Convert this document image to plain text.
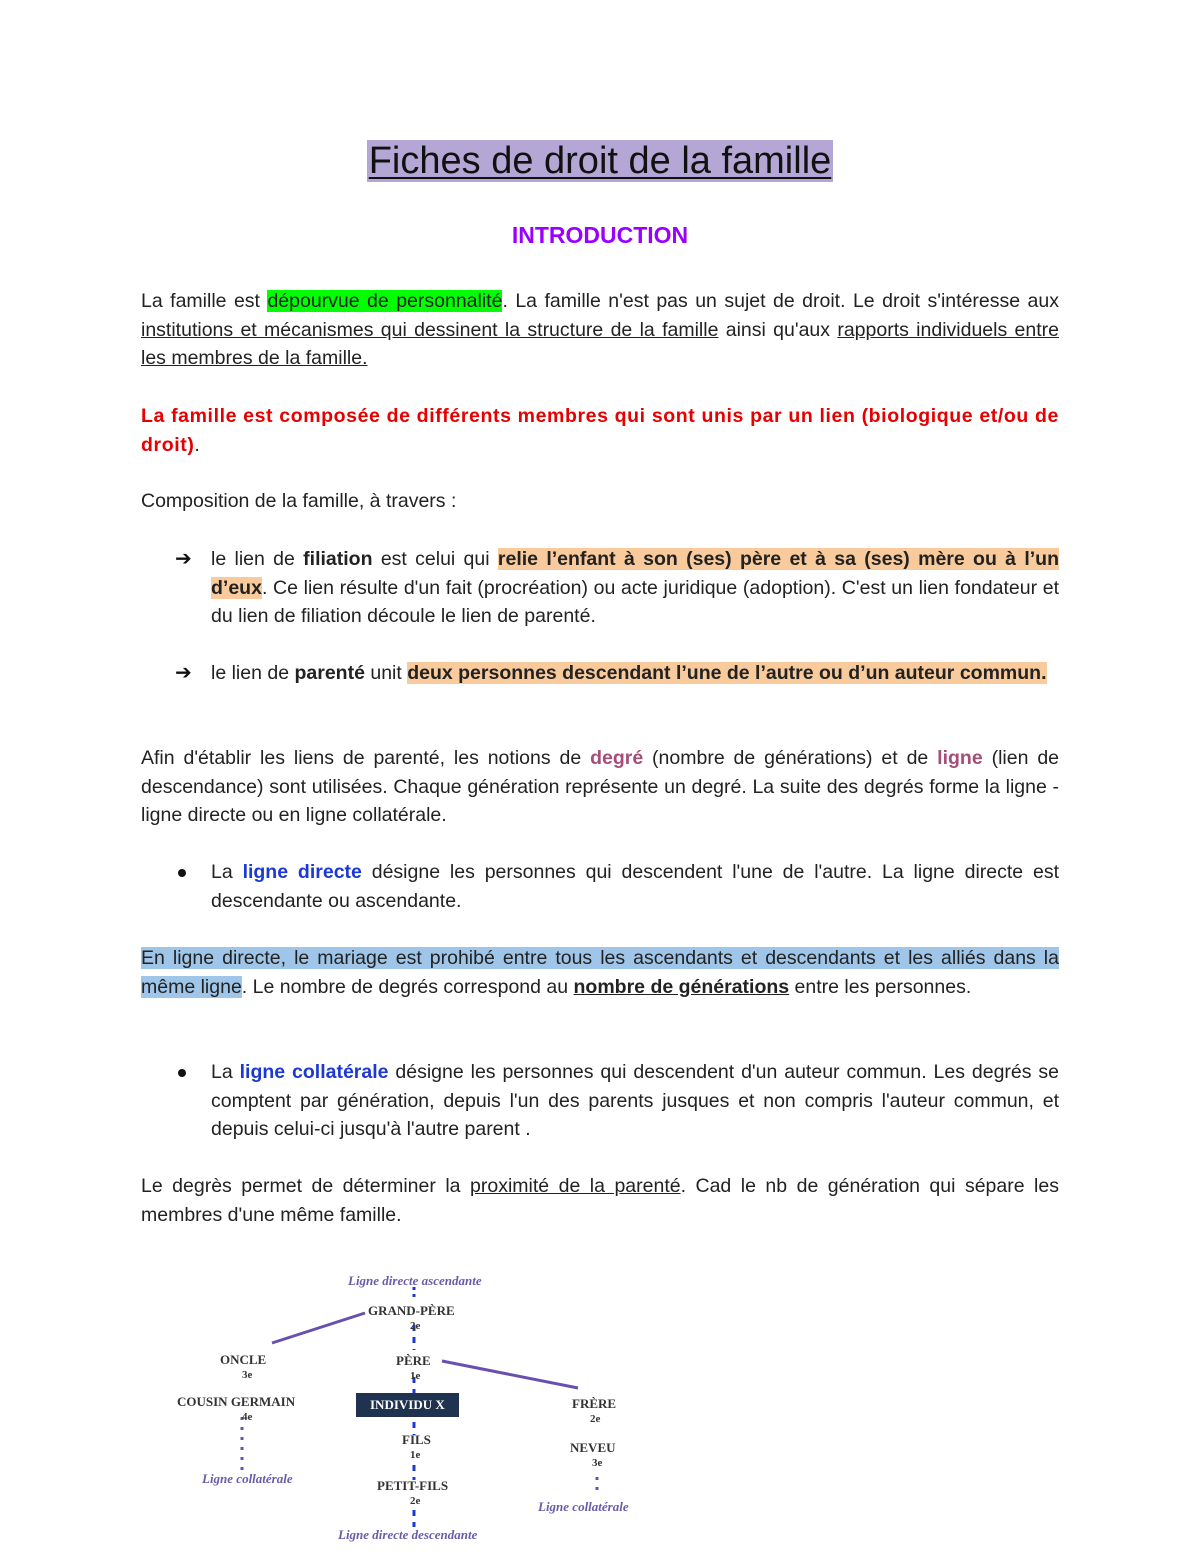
Fiches de droit de la famille
INTRODUCTION

La famille est dépourvue de personnalité. La famille n'est pas un sujet de droit. Le droit s'intéresse aux institutions et mécanismes qui dessinent la structure de la famille ainsi qu'aux rapports individuels entre les membres de la famille.

La famille est composée de différents membres qui sont unis par un lien (biologique et/ou de droit).

Composition de la famille, à travers :

➔ le lien de filiation est celui qui relie l’enfant à son (ses) père et à sa (ses) mère ou à l’un d’eux. Ce lien résulte d'un fait (procréation) ou acte juridique (adoption). C'est un lien fondateur et du lien de filiation découle le lien de parenté.

➔ le lien de parenté unit deux personnes descendant l’une de l’autre ou d’un auteur commun.

Afin d'établir les liens de parenté, les notions de degré (nombre de générations) et de ligne (lien de descendance) sont utilisées. Chaque génération représente un degré. La suite des degrés forme la ligne - ligne directe ou en ligne collatérale.

La ligne directe désigne les personnes qui descendent l'une de l'autre. La ligne directe est descendante ou ascendante.

En ligne directe, le mariage est prohibé entre tous les ascendants et descendants et les alliés dans la même ligne. Le nombre de degrés correspond au nombre de générations entre les personnes.

La ligne collatérale désigne les personnes qui descendent d'un auteur commun. Les degrés se comptent par génération, depuis l'un des parents jusques et non compris l'auteur commun, et depuis celui-ci jusqu'à l'autre parent .

Le degrès permet de déterminer la proximité de la parenté. Cad le nb de génération qui sépare les membres d'une même famille.

Ligne directe ascendante
GRAND-PÈRE
2e
ONCLE
3e
PÈRE
1e
COUSIN GERMAIN
4e
INDIVIDU X	FRÈRE
2e
FILS
1e	NEVEU
3e
Ligne collatérale	PETIT-FILS
2e	Ligne collatérale
Ligne directe descendante
